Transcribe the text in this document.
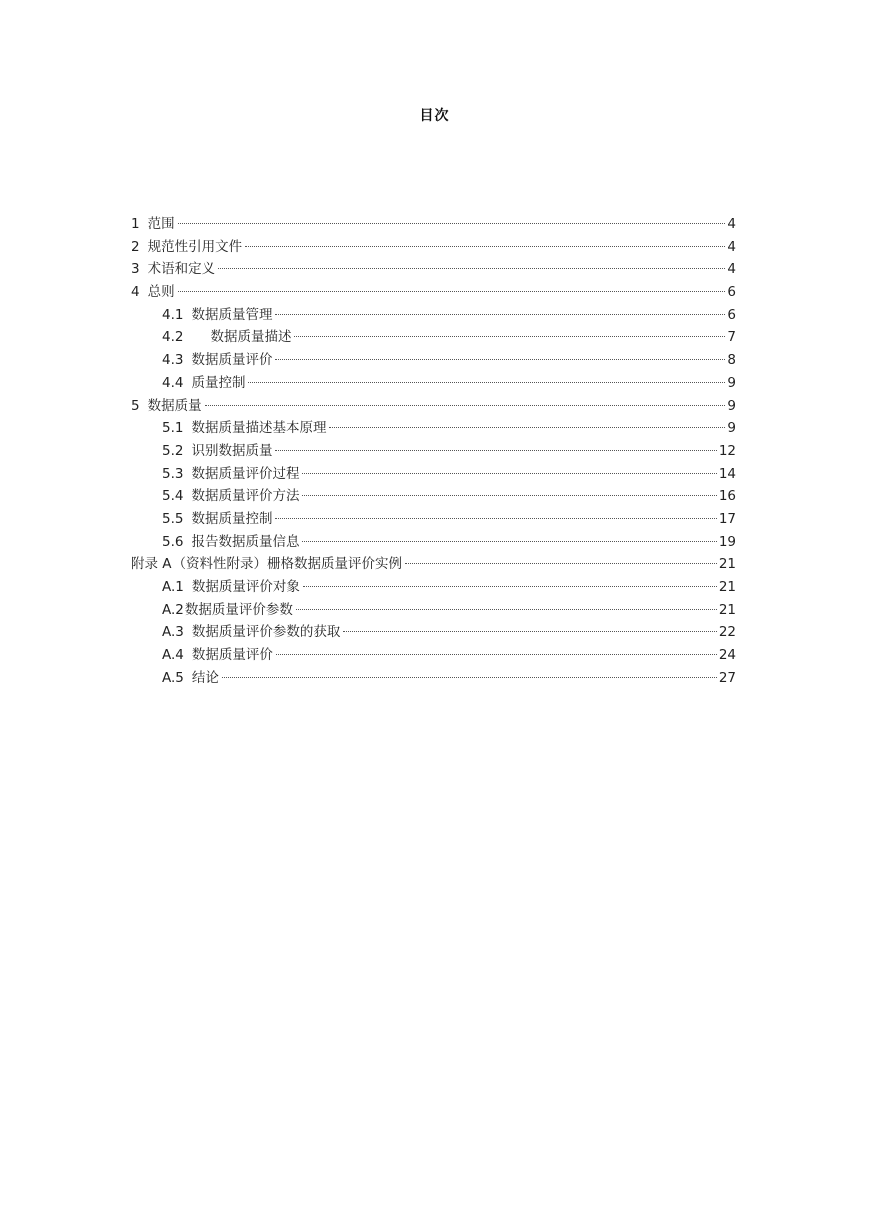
目次
1 范围	4
2 规范性引用文件	4
3 术语和定义	4
4 总则	6
4.1 数据质量管理	6
4.2 数据质量描述	7
4.3 数据质量评价	8
4.4 质量控制	9
5 数据质量	9
5.1 数据质量描述基本原理	9
5.2 识别数据质量	12
5.3 数据质量评价过程	14
5.4 数据质量评价方法	16
5.5 数据质量控制	17
5.6 报告数据质量信息	19
附录 A（资料性附录）栅格数据质量评价实例	21
A.1 数据质量评价对象	21
A.2数据质量评价参数	21
A.3 数据质量评价参数的获取	22
A.4 数据质量评价	24
A.5 结论	27
